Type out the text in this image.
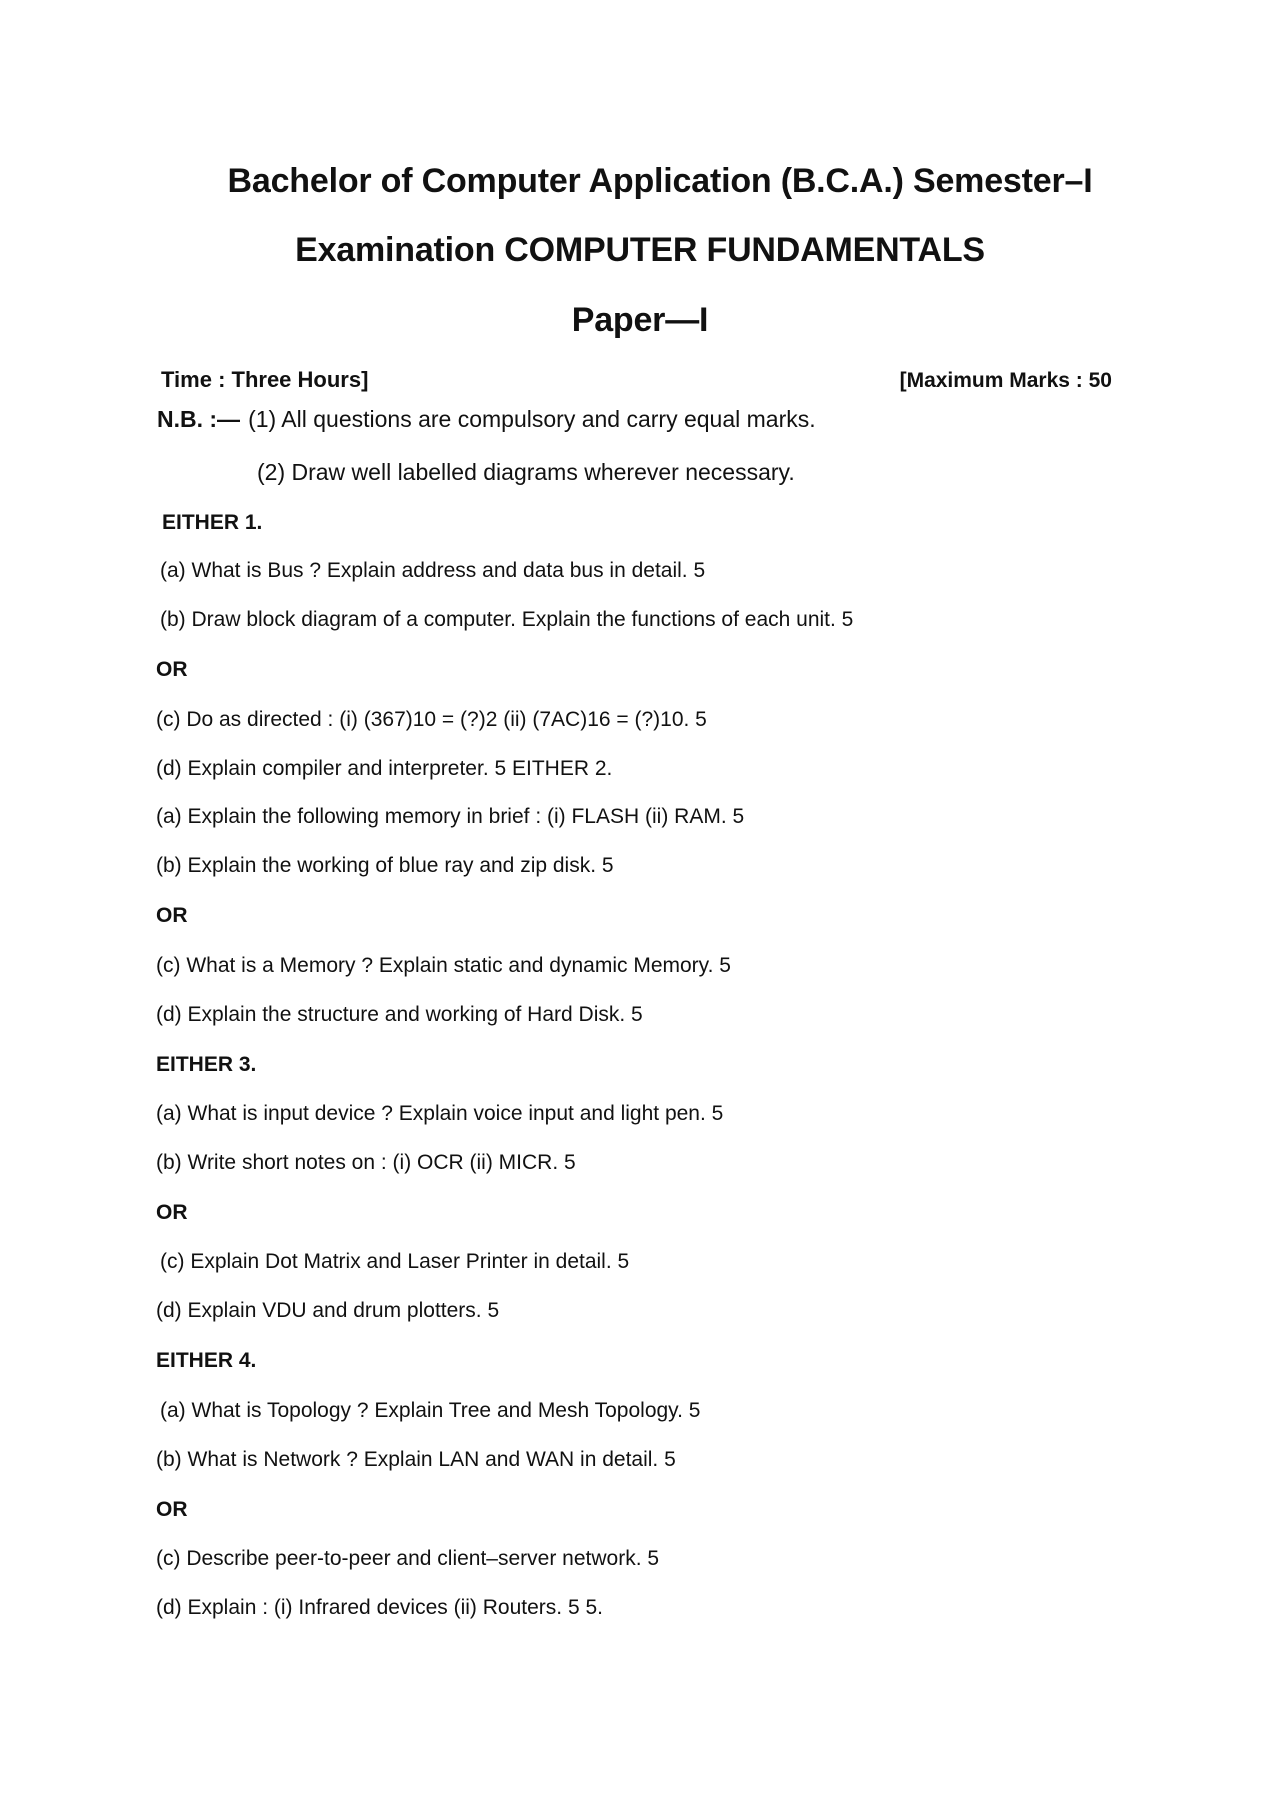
Bachelor of Computer Application (B.C.A.) Semester–I
Examination COMPUTER FUNDAMENTALS
Paper—I
Time : Three Hours]	[Maximum Marks : 50
N.B. :— (1) All questions are compulsory and carry equal marks.
(2) Draw well labelled diagrams wherever necessary.
EITHER 1.
(a) What is Bus ? Explain address and data bus in detail. 5
(b) Draw block diagram of a computer. Explain the functions of each unit. 5
OR
(c) Do as directed : (i) (367)10 = (?)2 (ii) (7AC)16 = (?)10. 5
(d) Explain compiler and interpreter. 5 EITHER 2.
(a) Explain the following memory in brief : (i) FLASH (ii) RAM. 5
(b) Explain the working of blue ray and zip disk. 5
OR
(c) What is a Memory ? Explain static and dynamic Memory. 5
(d) Explain the structure and working of Hard Disk. 5
EITHER 3.
(a) What is input device ? Explain voice input and light pen. 5
(b) Write short notes on : (i) OCR (ii) MICR. 5
OR
(c) Explain Dot Matrix and Laser Printer in detail. 5
(d) Explain VDU and drum plotters. 5
EITHER 4.
(a) What is Topology ? Explain Tree and Mesh Topology. 5
(b) What is Network ? Explain LAN and WAN in detail. 5
OR
(c) Describe peer-to-peer and client–server network. 5
(d) Explain : (i) Infrared devices (ii) Routers. 5 5.
